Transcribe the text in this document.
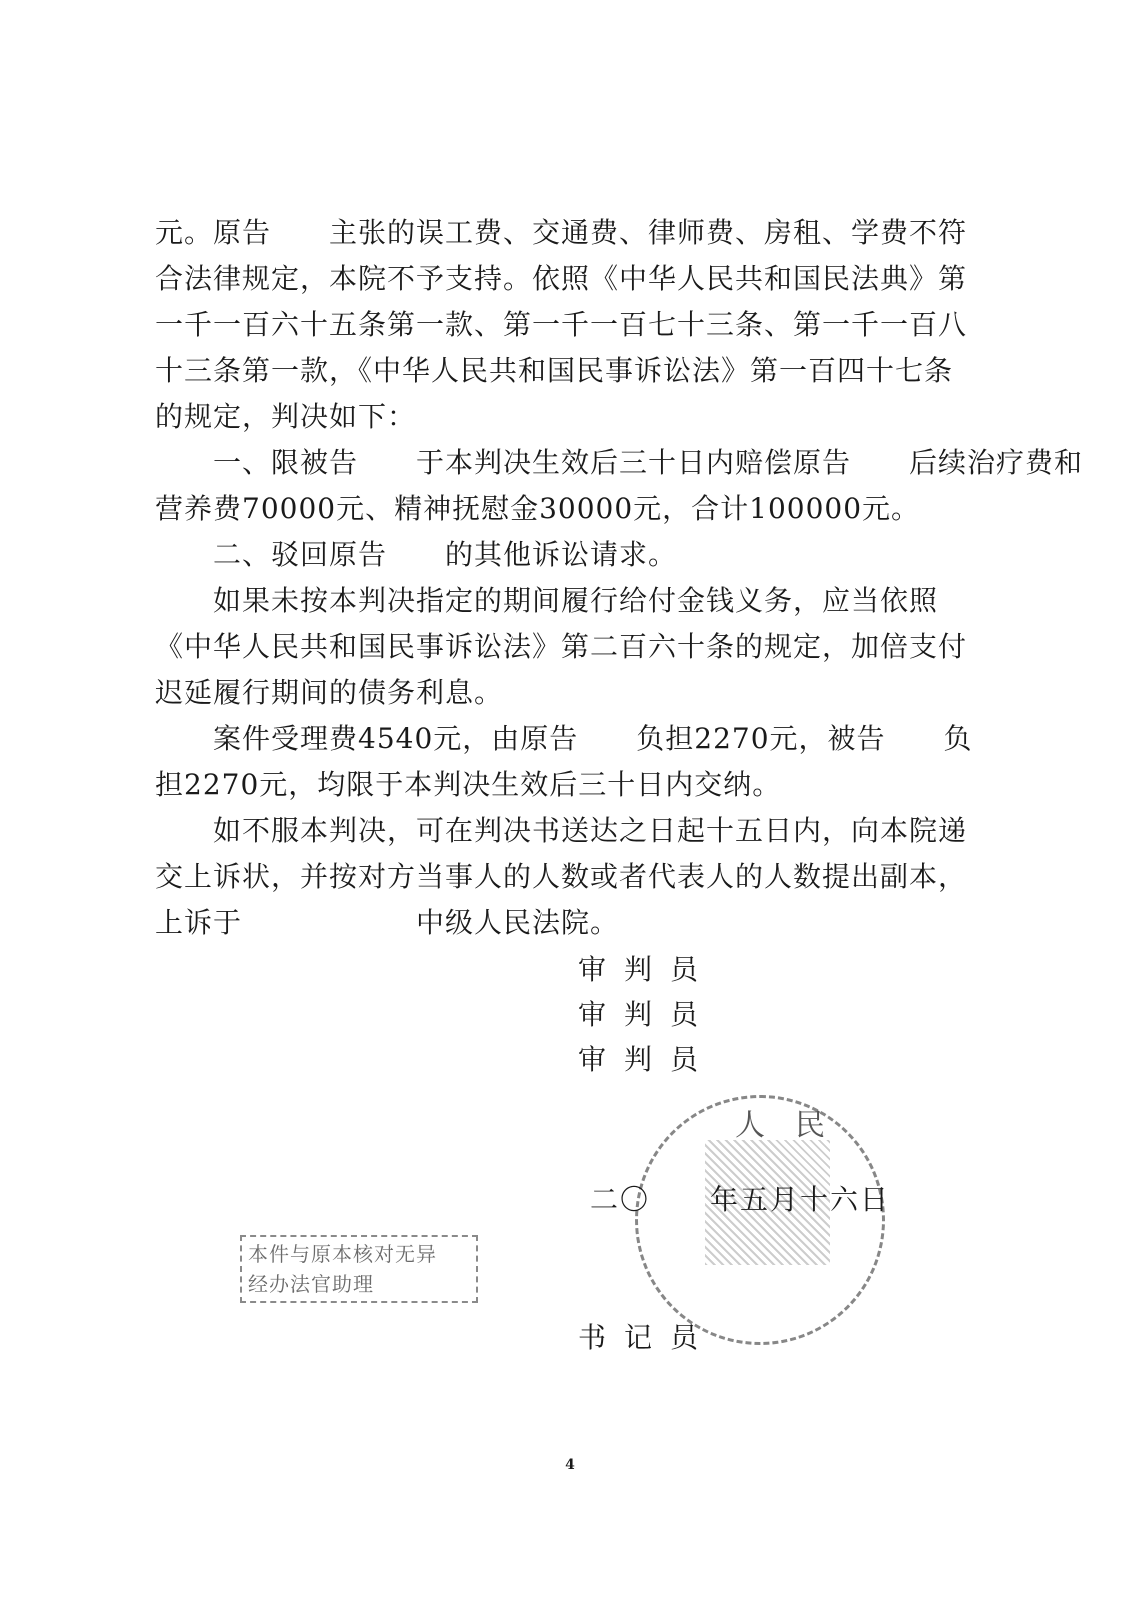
人民
元。原告　　主张的误工费、交通费、律师费、房租、学费不符
合法律规定，本院不予支持。依照《中华人民共和国民法典》第
一千一百六十五条第一款、第一千一百七十三条、第一千一百八
十三条第一款，《中华人民共和国民事诉讼法》第一百四十七条
的规定，判决如下：
一、限被告　　于本判决生效后三十日内赔偿原告　　后续治疗费和
营养费70000元、精神抚慰金30000元，合计100000元。
二、驳回原告　　的其他诉讼请求。
如果未按本判决指定的期间履行给付金钱义务，应当依照
《中华人民共和国民事诉讼法》第二百六十条的规定，加倍支付
迟延履行期间的债务利息。
案件受理费4540元，由原告　　负担2270元，被告　　负
担2270元，均限于本判决生效后三十日内交纳。
如不服本判决，可在判决书送达之日起十五日内，向本院递
交上诉状，并按对方当事人的人数或者代表人的人数提出副本，
上诉于　　　　　　中级人民法院。
审判员
审判员
审判员
二〇　　年五月十六日
书记员
本件与原本核对无异
经办法官助理
4
